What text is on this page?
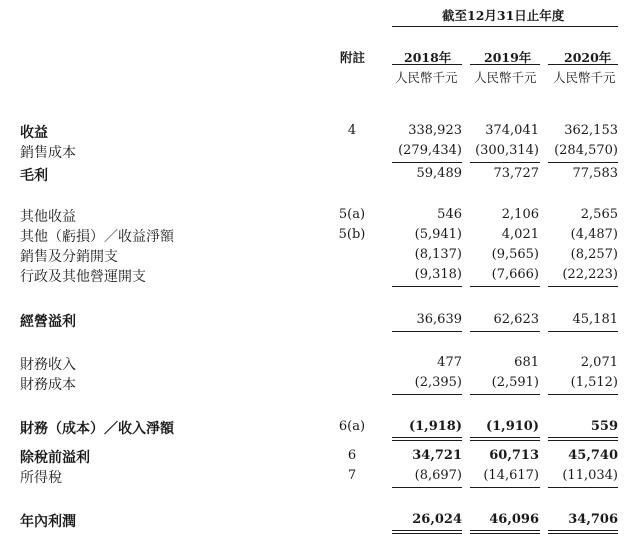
截至12月31日止年度
附註	2018年	2019年	2020年
人民幣千元 人民幣千元 人民幣千元
收益	4	338,923 374,041 362,153
銷售成本	(279,434) (300,314) (284,570)
毛利	59,489 73,727	77,583
其他收益	5(a)	546	2,106	2,565
其他（虧損）／收益淨額	5(b)	(5,941)	4,021 (4,487)
銷售及分銷開支	(8,137) (9,565) (8,257)
行政及其他營運開支	(9,318) (7,666) (22,223)
經營溢利	36,639 62,623	45,181
財務收入	477	681	2,071
財務成本	(2,395) (2,591) (1,512)
財務（成本）／收入淨額	6(a)	(1,918) (1,910)	559
除稅前溢利	6	34,721 60,713 45,740
所得稅	7	(8,697) (14,617) (11,034)
年內利潤	26,024 46,096 34,706
